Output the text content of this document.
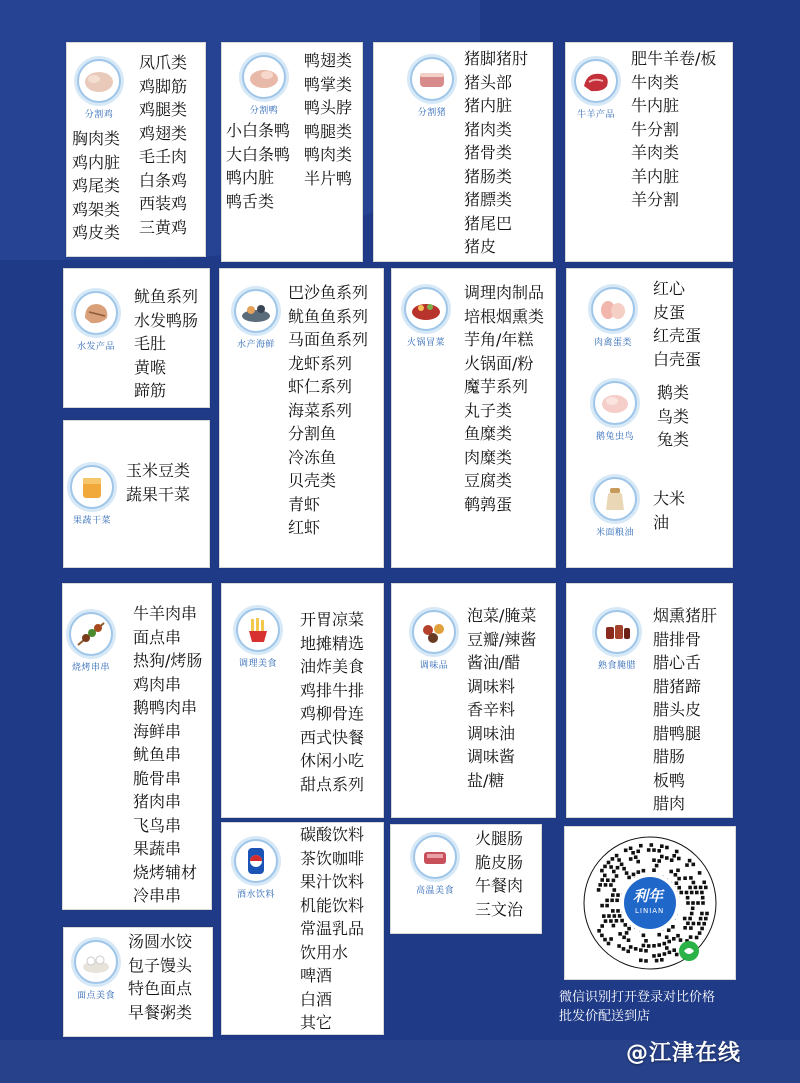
分割鸡
凤爪类
鸡脚筋
鸡腿类
鸡翅类
毛壬肉
白条鸡
西装鸡
三黄鸡
胸肉类
鸡内脏
鸡尾类
鸡架类
鸡皮类
分割鸭
鸭翅类
鸭掌类
鸭头脖
鸭腿类
鸭肉类
半片鸭
小白条鸭
大白条鸭
鸭内脏
鸭舌类
分割猪
猪脚猪肘
猪头部
猪内脏
猪肉类
猪骨类
猪肠类
猪膘类
猪尾巴
猪皮
牛羊产品
肥牛羊卷/板
牛肉类
牛内脏
牛分割
羊肉类
羊内脏
羊分割
水发产品
鱿鱼系列
水发鸭肠
毛肚
黄喉
蹄筋
水产海鲜
巴沙鱼系列
鱿鱼鱼系列
马面鱼系列
龙虾系列
虾仁系列
海菜系列
分割鱼
冷冻鱼
贝壳类
青虾
红虾
火锅冒菜
调理肉制品
培根烟熏类
芋角/年糕
火锅面/粉
魔芋系列
丸子类
鱼糜类
肉糜类
豆腐类
鹌鹑蛋
肉禽蛋类
红心
皮蛋
红壳蛋
白壳蛋
鹅兔虫鸟
鹅类
鸟类
兔类
米面粮油
大米
油
果蔬干菜
玉米豆类
蔬果干菜
烧烤串串
牛羊肉串
面点串
热狗/烤肠
鸡肉串
鹅鸭肉串
海鲜串
鱿鱼串
脆骨串
猪肉串
飞鸟串
果蔬串
烧烤辅材
冷串串
调理美食
开胃凉菜
地摊精选
油炸美食
鸡排牛排
鸡柳骨连
西式快餐
休闲小吃
甜点系列
调味品
泡菜/腌菜
豆瓣/辣酱
酱油/醋
调味料
香辛料
调味油
调味酱
盐/糖
熟食腌腊
烟熏猪肝
腊排骨
腊心舌
腊猪蹄
腊头皮
腊鸭腿
腊肠
板鸭
腊肉
酒水饮料
碳酸饮料
茶饮咖啡
果汁饮料
机能饮料
常温乳品
饮用水
啤酒
白酒
其它
高温美食
火腿肠
脆皮肠
午餐肉
三文治
面点美食
汤圆水饺
包子馒头
特色面点
早餐粥类
利年
LINIAN
微信识别打开登录对比价格
批发价配送到店
@江津在线
